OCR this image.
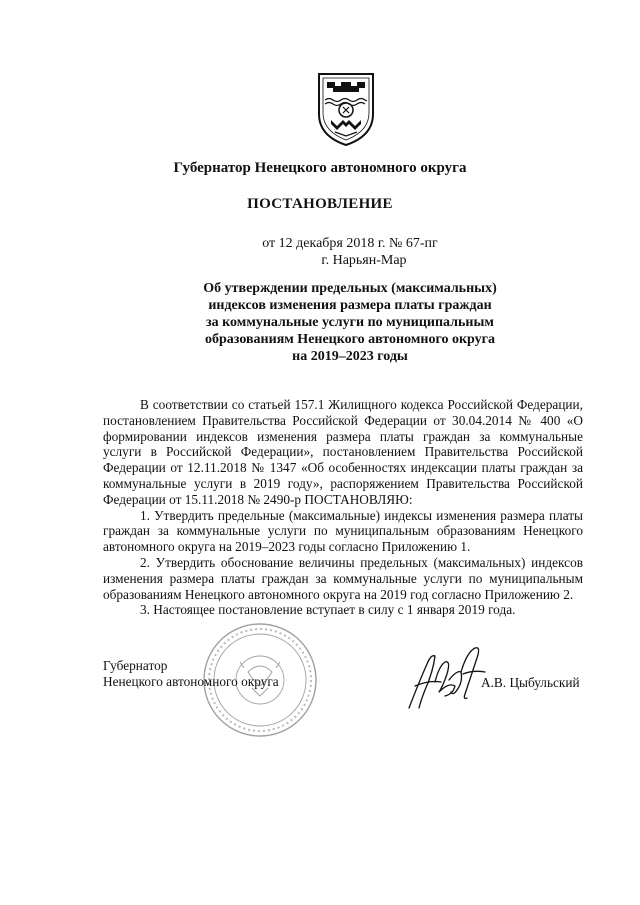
Губернатор Ненецкого автономного округа
ПОСТАНОВЛЕНИЕ
от 12 декабря 2018 г. № 67-пг
г. Нарьян-Мар
Об утверждении предельных (максимальных)
индексов изменения размера платы граждан
за коммунальные услуги по муниципальным
образованиям Ненецкого автономного округа
на 2019–2023 годы

В соответствии со статьей 157.1 Жилищного кодекса Российской Федерации, постановлением Правительства Российской Федерации от 30.04.2014 № 400 «О формировании индексов изменения размера платы граждан за коммунальные услуги в Российской Федерации», постановлением Правительства Российской Федерации от 12.11.2018 № 1347 «Об особенностях индексации платы граждан за коммунальные услуги в 2019 году», распоряжением Правительства Российской Федерации от 15.11.2018 № 2490-р ПОСТАНОВЛЯЮ:

1. Утвердить предельные (максимальные) индексы изменения размера платы граждан за коммунальные услуги по муниципальным образованиям Ненецкого автономного округа на 2019–2023 годы согласно Приложению 1.

2. Утвердить обоснование величины предельных (максимальных) индексов изменения размера платы граждан за коммунальные услуги по муниципальным образованиям Ненецкого автономного округа на 2019 год согласно Приложению 2.

3. Настоящее постановление вступает в силу с 1 января 2019 года.

Губернатор
Ненецкого автономного округа	А.В. Цыбульский
